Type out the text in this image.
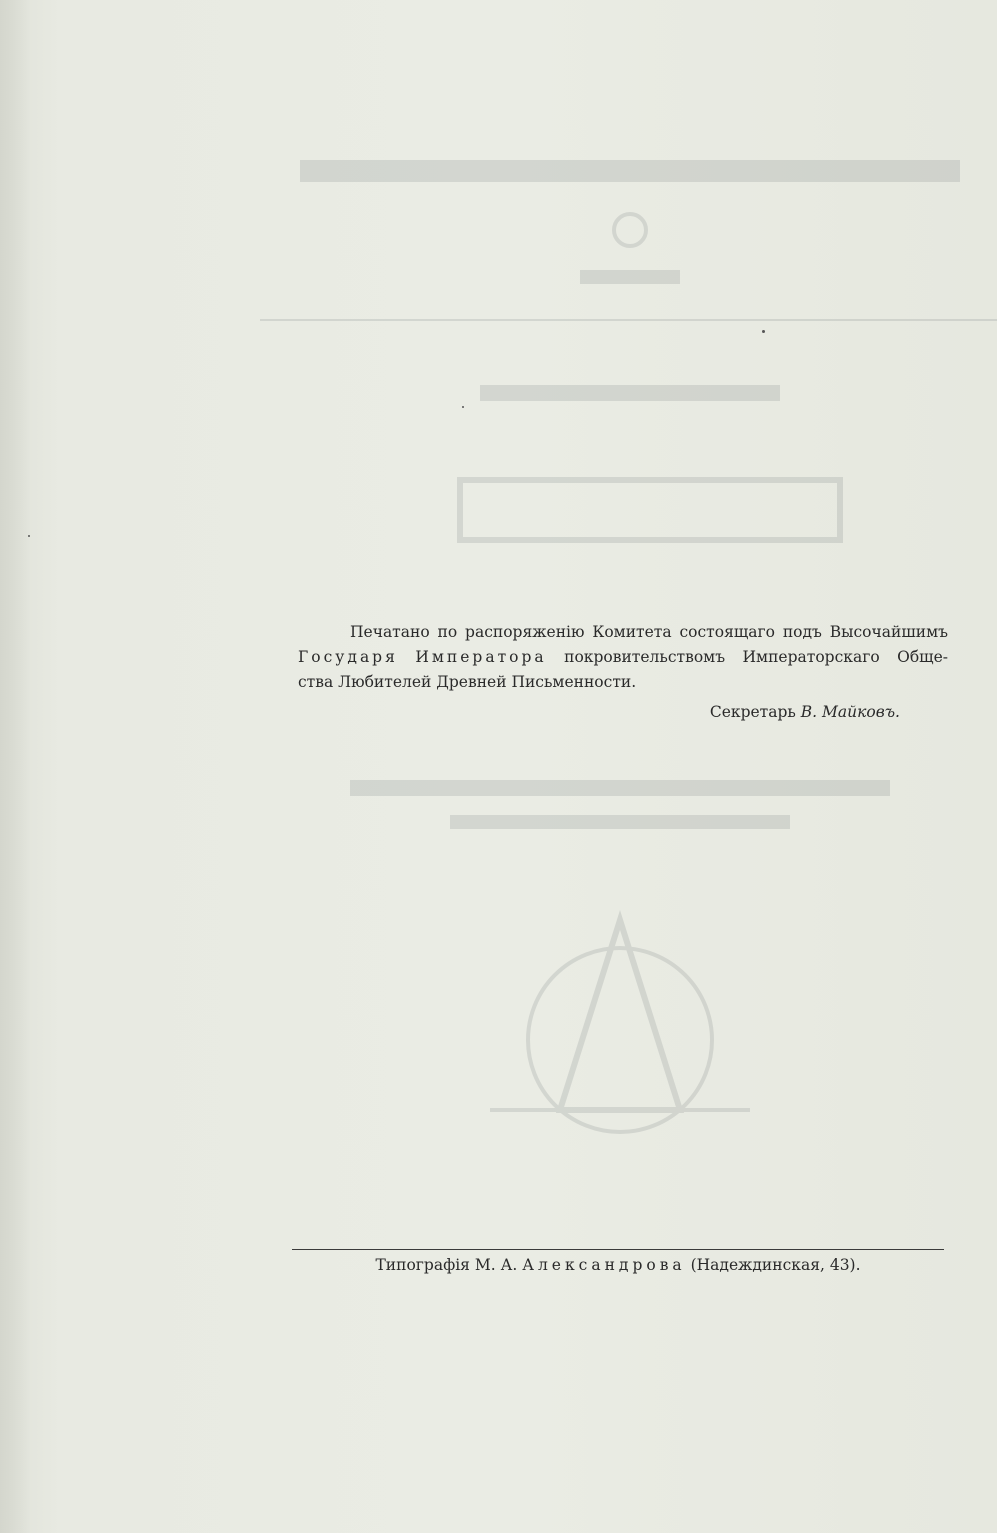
Печатано по распоряженію Комитета состоящаго подъ Высочайшимъ

Государя Императора покровительствомъ Императорскаго Обще-

ства Любителей Древней Письменности.

Секретарь В. Майковъ.
Типографія М. А. Александрова (Надеждинская, 43).
